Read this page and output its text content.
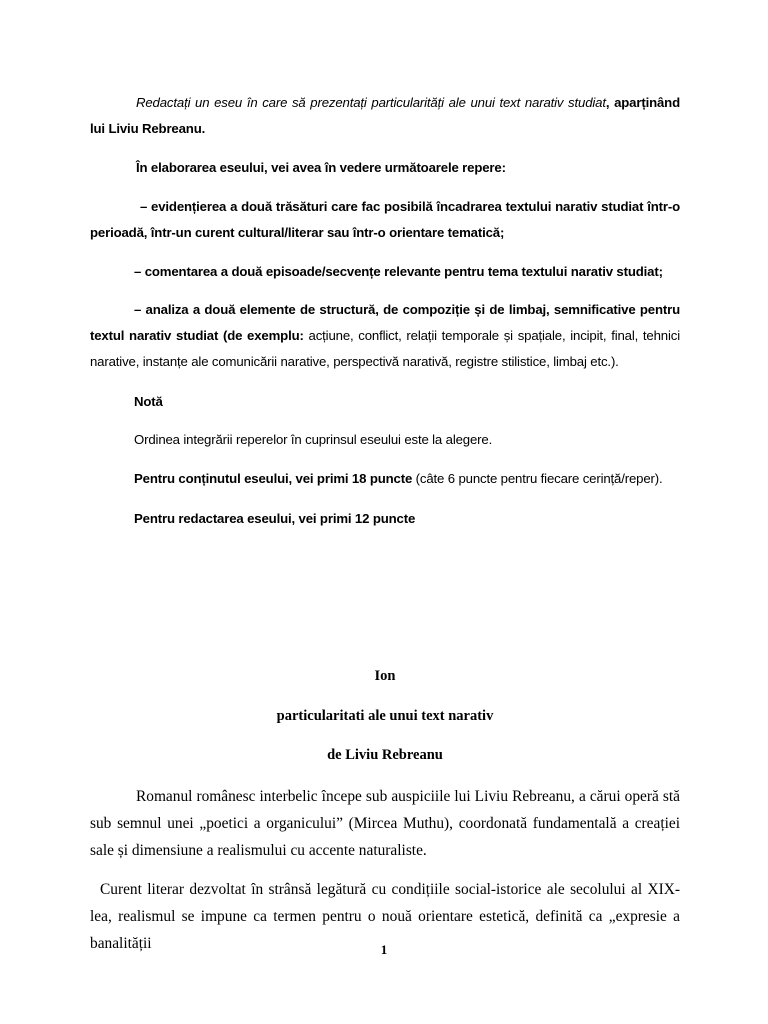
Redactați un eseu în care să prezentați particularități ale unui text narativ studiat, aparținând lui Liviu Rebreanu.
În elaborarea eseului, vei avea în vedere următoarele repere:
– evidențierea a două trăsături care fac posibilă încadrarea textului narativ studiat într-o perioadă, într-un curent cultural/literar sau într-o orientare tematică;
– comentarea a două episoade/secvențe relevante pentru tema textului narativ studiat;
– analiza a două elemente de structură, de compoziție și de limbaj, semnificative pentru textul narativ studiat (de exemplu: acțiune, conflict, relații temporale și spațiale, incipit, final, tehnici narative, instanțe ale comunicării narative, perspectivă narativă, registre stilistice, limbaj etc.).
Notă
Ordinea integrării reperelor în cuprinsul eseului este la alegere.
Pentru conținutul eseului, vei primi 18 puncte (câte 6 puncte pentru fiecare cerință/reper).
Pentru redactarea eseului, vei primi 12 puncte
Ion
particularitati ale unui text narativ
de Liviu Rebreanu
Romanul românesc interbelic începe sub auspiciile lui Liviu Rebreanu, a cărui operă stă sub semnul unei „poetici a organicului” (Mircea Muthu), coordonată fundamentală a creației sale și dimensiune a realismului cu accente naturaliste.
Curent literar dezvoltat în strânsă legătură cu condițiile social-istorice ale secolului al XIX-lea, realismul se impune ca termen pentru o nouă orientare estetică, definită ca „expresie a banalității	1
